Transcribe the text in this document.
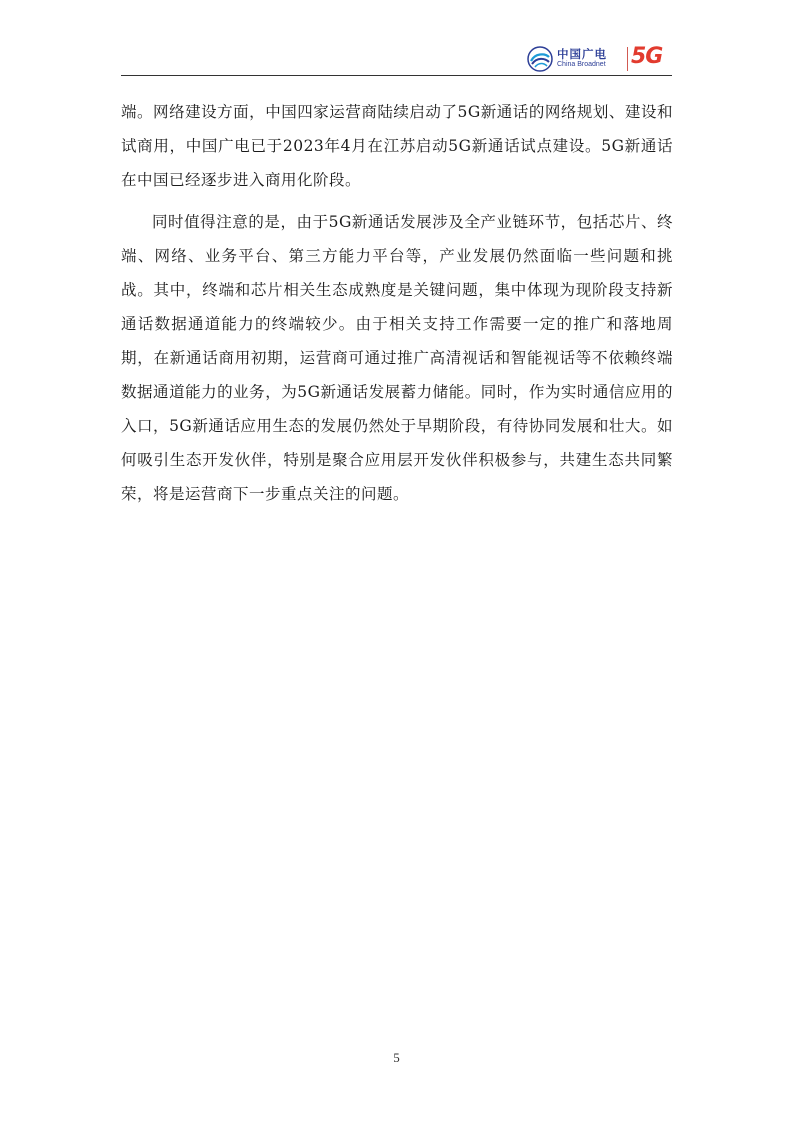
中国广电
China Broadnet 5G

端。网络建设方面，中国四家运营商陆续启动了5G新通话的网络规划、建设和试商用，中国广电已于2023年4月在江苏启动5G新通话试点建设。5G新通话在中国已经逐步进入商用化阶段。

同时值得注意的是，由于5G新通话发展涉及全产业链环节，包括芯片、终端、网络、业务平台、第三方能力平台等，产业发展仍然面临一些问题和挑战。其中，终端和芯片相关生态成熟度是关键问题，集中体现为现阶段支持新通话数据通道能力的终端较少。由于相关支持工作需要一定的推广和落地周期，在新通话商用初期，运营商可通过推广高清视话和智能视话等不依赖终端数据通道能力的业务，为5G新通话发展蓄力储能。同时，作为实时通信应用的入口，5G新通话应用生态的发展仍然处于早期阶段，有待协同发展和壮大。如何吸引生态开发伙伴，特别是聚合应用层开发伙伴积极参与，共建生态共同繁荣，将是运营商下一步重点关注的问题。

5
